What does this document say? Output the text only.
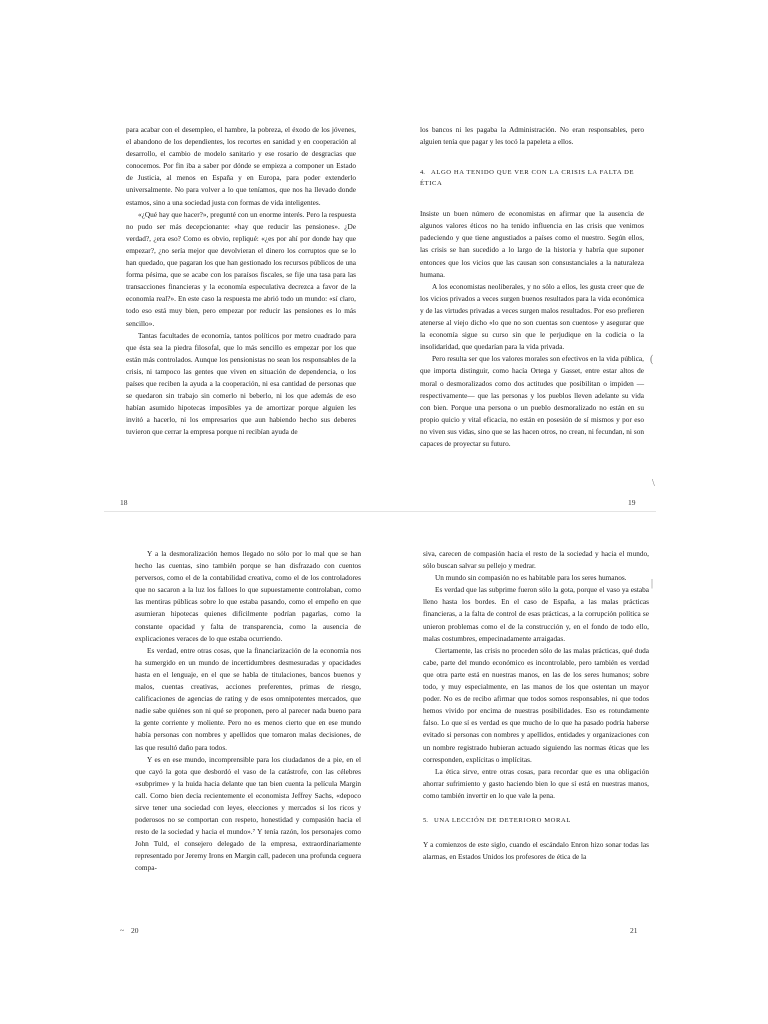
para acabar con el desempleo, el hambre, la pobreza, el éxodo de los jóvenes, el abandono de los dependientes, los recortes en sanidad y en cooperación al desarrollo, el cambio de modelo sanitario y ese rosario de desgracias que conocemos. Por fin iba a saber por dónde se empieza a componer un Estado de Justicia, al menos en España y en Europa, para poder extenderlo universalmente. No para volver a lo que teníamos, que nos ha llevado donde estamos, sino a una sociedad justa con formas de vida inteligentes.

«¿Qué hay que hacer?», pregunté con un enorme interés. Pero la respuesta no pudo ser más decepcionante: «hay que reducir las pensiones». ¿De verdad?, ¿era eso? Como es obvio, repliqué: «¿es por ahí por donde hay que empezar?, ¿no sería mejor que devolvieran el dinero los corruptos que se lo han quedado, que pagaran los que han gestionado los recursos públicos de una forma pésima, que se acabe con los paraísos fiscales, se fije una tasa para las transacciones financieras y la economía especulativa decrezca a favor de la economía real?». En este caso la respuesta me abrió todo un mundo: «sí claro, todo eso está muy bien, pero empezar por reducir las pensiones es lo más sencillo».

Tantas facultades de economía, tantos políticos por metro cuadrado para que ésta sea la piedra filosofal, que lo más sencillo es empezar por los que están más controlados. Aunque los pensionistas no sean los responsables de la crisis, ni tampoco las gentes que viven en situación de dependencia, o los países que reciben la ayuda a la cooperación, ni esa cantidad de personas que se quedaron sin trabajo sin comerlo ni beberlo, ni los que además de eso habían asumido hipotecas imposibles ya de amortizar porque alguien les invitó a hacerlo, ni los empresarios que aun habiendo hecho sus deberes tuvieron que cerrar la empresa porque ni recibían ayuda de

18

los bancos ni les pagaba la Administración. No eran responsables, pero alguien tenía que pagar y les tocó la papeleta a ellos.

4. ALGO HA TENIDO QUE VER CON LA CRISIS LA FALTA DE ÉTICA

Insiste un buen número de economistas en afirmar que la ausencia de algunos valores éticos no ha tenido influencia en las crisis que venimos padeciendo y que tiene angustiados a países como el nuestro. Según ellos, las crisis se han sucedido a lo largo de la historia y habría que suponer entonces que los vicios que las causan son consustanciales a la naturaleza humana.

A los economistas neoliberales, y no sólo a ellos, les gusta creer que de los vicios privados a veces surgen buenos resultados para la vida económica y de las virtudes privadas a veces surgen malos resultados. Por eso prefieren atenerse al viejo dicho «lo que no son cuentas son cuentos» y asegurar que la economía sigue su curso sin que le perjudique en la codicia o la insolidaridad, que quedarían para la vida privada.

Pero resulta ser que los valores morales son efectivos en la vida pública, que importa distinguir, como hacía Ortega y Gasset, entre estar altos de moral o desmoralizados como dos actitudes que posibilitan o impiden —respectivamente— que las personas y los pueblos lleven adelante su vida con bien. Porque una persona o un pueblo desmoralizado no están en su propio quicio y vital eficacia, no están en posesión de sí mismos y por eso no viven sus vidas, sino que se las hacen otros, no crean, ni fecundan, ni son capaces de proyectar su futuro.

19
(
\

Y a la desmoralización hemos llegado no sólo por lo mal que se han hecho las cuentas, sino también porque se han disfrazado con cuentos perversos, como el de la contabilidad creativa, como el de los controladores que no sacaron a la luz los falloes lo que supuestamente controlaban, como las mentiras públicas sobre lo que estaba pasando, como el empeño en que asumieran hipotecas quienes difícilmente podrían pagarlas, como la constante opacidad y falta de transparencia, como la ausencia de explicaciones veraces de lo que estaba ocurriendo.

Es verdad, entre otras cosas, que la financiarización de la economía nos ha sumergido en un mundo de incertidumbres desmesuradas y opacidades hasta en el lenguaje, en el que se habla de titulaciones, bancos buenos y malos, cuentas creativas, acciones preferentes, primas de riesgo, calificaciones de agencias de rating y de esos omnipotentes mercados, que nadie sabe quiénes son ni qué se proponen, pero al parecer nada bueno para la gente corriente y moliente. Pero no es menos cierto que en ese mundo había personas con nombres y apellidos que tomaron malas decisiones, de las que resultó daño para todos.

Y es en ese mundo, incomprensible para los ciudadanos de a pie, en el que cayó la gota que desbordó el vaso de la catástrofe, con las célebres «subprime» y la huida hacia delante que tan bien cuenta la película Margin call. Como bien decía recientemente el economista Jeffrey Sachs, «depoco sirve tener una sociedad con leyes, elecciones y mercados si los ricos y poderosos no se comportan con respeto, honestidad y compasión hacia el resto de la sociedad y hacia el mundo».⁷ Y tenía razón, los personajes como John Tuld, el consejero delegado de la empresa, extraordinariamente representado por Jeremy Irons en Margin call, padecen una profunda ceguera compa-

~ 20

siva, carecen de compasión hacia el resto de la sociedad y hacia el mundo, sólo buscan salvar su pellejo y medrar.

Un mundo sin compasión no es habitable para los seres humanos.

Es verdad que las subprime fueron sólo la gota, porque el vaso ya estaba lleno hasta los bordes. En el caso de España, a las malas prácticas financieras, a la falta de control de esas prácticas, a la corrupción política se unieron problemas como el de la construcción y, en el fondo de todo ello, malas costumbres, empecinadamente arraigadas.

Ciertamente, las crisis no proceden sólo de las malas prácticas, qué duda cabe, parte del mundo económico es incontrolable, pero también es verdad que otra parte está en nuestras manos, en las de los seres humanos; sobre todo, y muy especialmente, en las manos de los que ostentan un mayor poder. No es de recibo afirmar que todos somos responsables, ni que todos hemos vivido por encima de nuestras posibilidades. Eso es rotundamente falso. Lo que sí es verdad es que mucho de lo que ha pasado podría haberse evitado si personas con nombres y apellidos, entidades y organizaciones con un nombre registrado hubieran actuado siguiendo las normas éticas que les corresponden, explícitas o implícitas.

La ética sirve, entre otras cosas, para recordar que es una obligación ahorrar sufrimiento y gasto haciendo bien lo que sí está en nuestras manos, como también invertir en lo que vale la pena.

5. UNA LECCIÓN DE DETERIORO MORAL

Y a comienzos de este siglo, cuando el escándalo Enron hizo sonar todas las alarmas, en Estados Unidos los profesores de ética de la

21
|
